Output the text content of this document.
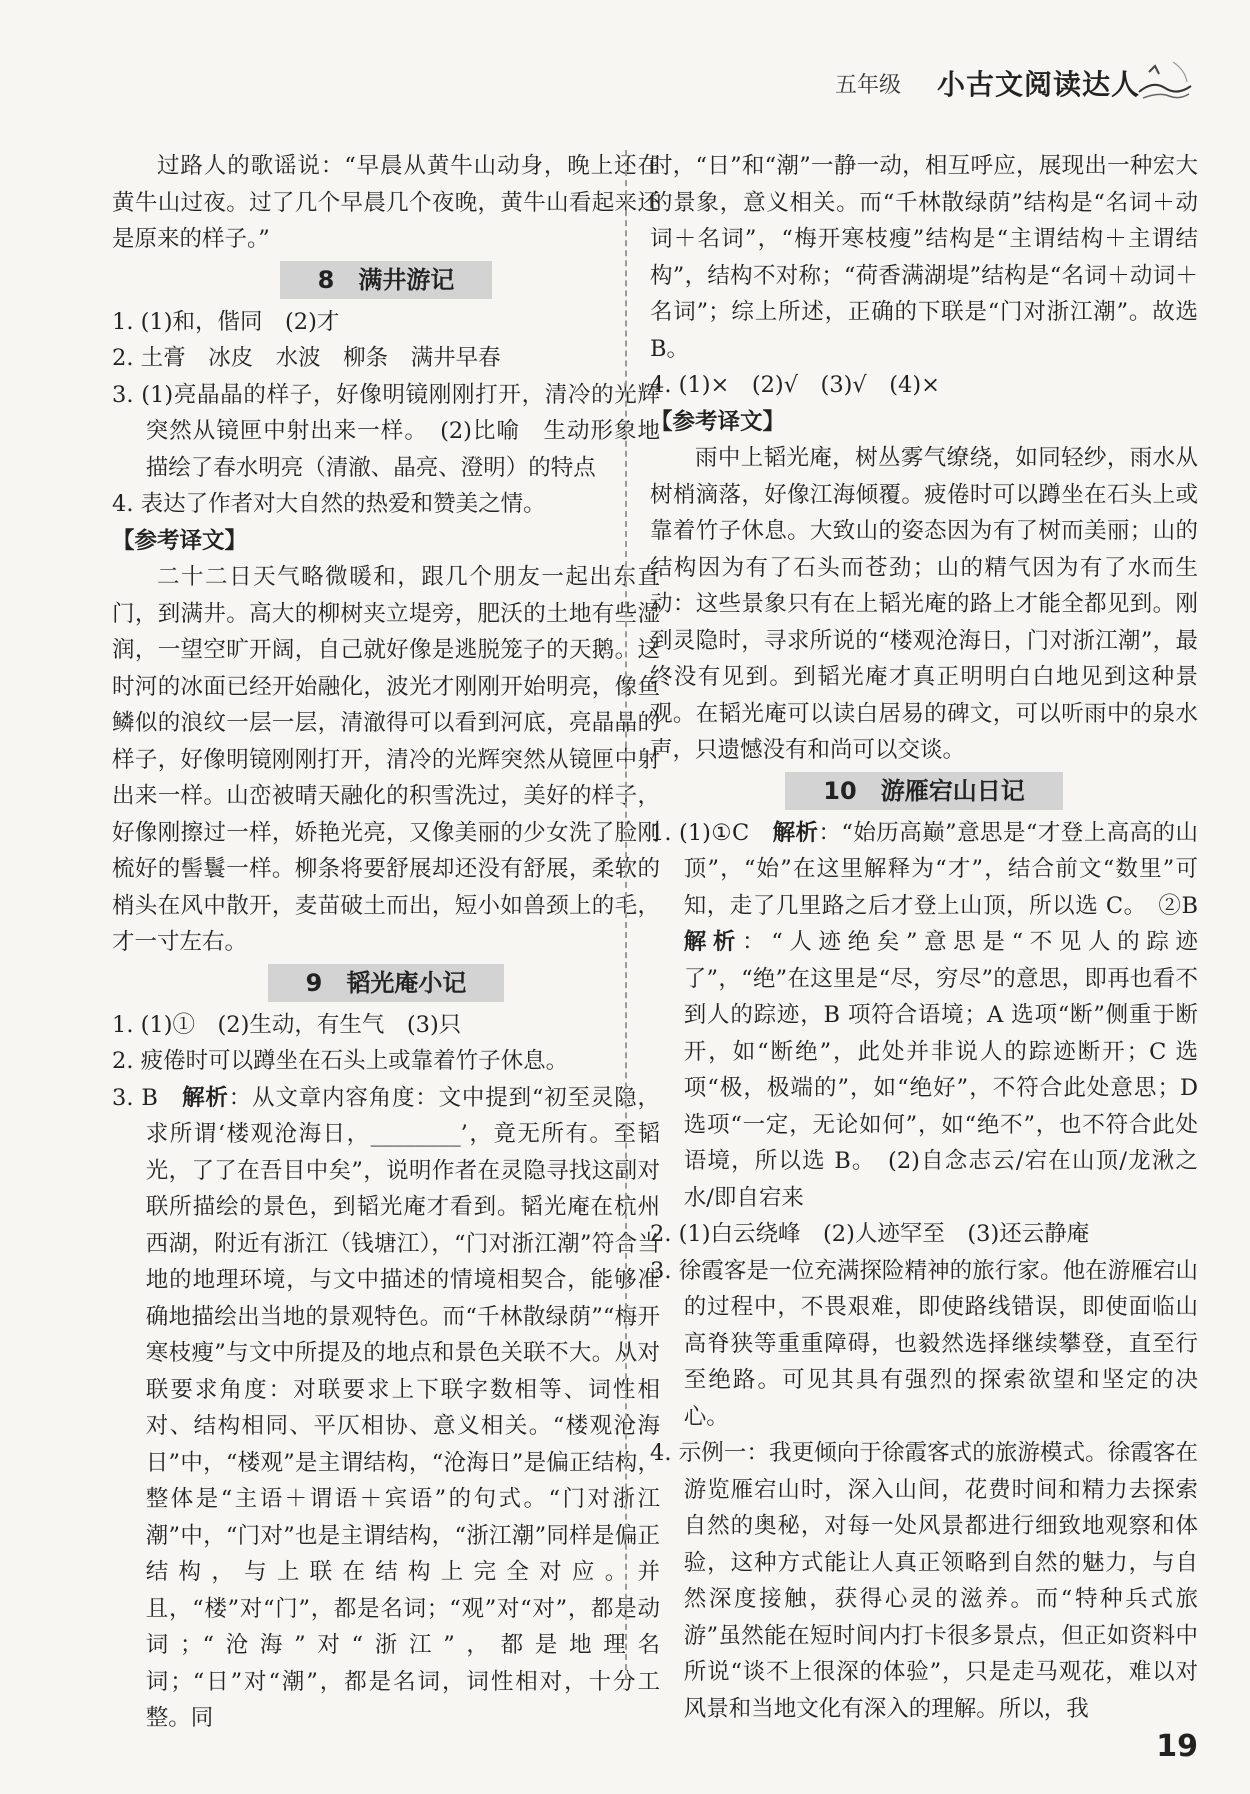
五年级 小古文阅读达人

过路人的歌谣说：“早晨从黄牛山动身，晚上还在黄牛山过夜。过了几个早晨几个夜晚，黄牛山看起来还是原来的样子。”

8　满井游记

1. (1)和，偕同　(2)才

2. 土膏　冰皮　水波　柳条　满井早春

3. (1)亮晶晶的样子，好像明镜刚刚打开，清冷的光辉突然从镜匣中射出来一样。　(2)比喻　生动形象地描绘了春水明亮（清澈、晶亮、澄明）的特点

4. 表达了作者对大自然的热爱和赞美之情。

【参考译文】

二十二日天气略微暖和，跟几个朋友一起出东直门，到满井。高大的柳树夹立堤旁，肥沃的土地有些湿润，一望空旷开阔，自己就好像是逃脱笼子的天鹅。这时河的冰面已经开始融化，波光才刚刚开始明亮，像鱼鳞似的浪纹一层一层，清澈得可以看到河底，亮晶晶的样子，好像明镜刚刚打开，清冷的光辉突然从镜匣中射出来一样。山峦被晴天融化的积雪洗过，美好的样子，好像刚擦过一样，娇艳光亮，又像美丽的少女洗了脸刚梳好的髻鬟一样。柳条将要舒展却还没有舒展，柔软的梢头在风中散开，麦苗破土而出，短小如兽颈上的毛，才一寸左右。

9　韬光庵小记

1. (1)①　(2)生动，有生气　(3)只

2. 疲倦时可以蹲坐在石头上或靠着竹子休息。

3. B　解析：从文章内容角度：文中提到“初至灵隐，求所谓‘楼观沧海日，________’，竟无所有。至韬光，了了在吾目中矣”，说明作者在灵隐寻找这副对联所描绘的景色，到韬光庵才看到。韬光庵在杭州西湖，附近有浙江（钱塘江），“门对浙江潮”符合当地的地理环境，与文中描述的情境相契合，能够准确地描绘出当地的景观特色。而“千林散绿荫”“梅开寒枝瘦”与文中所提及的地点和景色关联不大。从对联要求角度：对联要求上下联字数相等、词性相对、结构相同、平仄相协、意义相关。“楼观沧海日”中，“楼观”是主谓结构，“沧海日”是偏正结构，整体是“主语＋谓语＋宾语”的句式。“门对浙江潮”中，“门对”也是主谓结构，“浙江潮”同样是偏正结构，与上联在结构上完全对应。并且，“楼”对“门”，都是名词；“观”对“对”，都是动词；“沧海”对“浙江”，都是地理名词；“日”对“潮”，都是名词，词性相对，十分工整。同

时，“日”和“潮”一静一动，相互呼应，展现出一种宏大的景象，意义相关。而“千林散绿荫”结构是“名词＋动词＋名词”，“梅开寒枝瘦”结构是“主谓结构＋主谓结构”，结构不对称；“荷香满湖堤”结构是“名词＋动词＋名词”；综上所述，正确的下联是“门对浙江潮”。故选 B。

4. (1)×　(2)√　(3)√　(4)×

【参考译文】

雨中上韬光庵，树丛雾气缭绕，如同轻纱，雨水从树梢滴落，好像江海倾覆。疲倦时可以蹲坐在石头上或靠着竹子休息。大致山的姿态因为有了树而美丽；山的结构因为有了石头而苍劲；山的精气因为有了水而生动：这些景象只有在上韬光庵的路上才能全都见到。刚到灵隐时，寻求所说的“楼观沧海日，门对浙江潮”，最终没有见到。到韬光庵才真正明明白白地见到这种景观。在韬光庵可以读白居易的碑文，可以听雨中的泉水声，只遗憾没有和尚可以交谈。

10　游雁宕山日记

1. (1)①C　解析：“始历高巅”意思是“才登上高高的山顶”，“始”在这里解释为“才”，结合前文“数里”可知，走了几里路之后才登上山顶，所以选 C。　②B　解析：“人迹绝矣”意思是“不见人的踪迹了”，“绝”在这里是“尽，穷尽”的意思，即再也看不到人的踪迹，B 项符合语境；A 选项“断”侧重于断开，如“断绝”，此处并非说人的踪迹断开；C 选项“极，极端的”，如“绝好”，不符合此处意思；D 选项“一定，无论如何”，如“绝不”，也不符合此处语境，所以选 B。　(2)自念志云/宕在山顶/龙湫之水/即自宕来

2. (1)白云绕峰　(2)人迹罕至　(3)还云静庵

3. 徐霞客是一位充满探险精神的旅行家。他在游雁宕山的过程中，不畏艰难，即使路线错误，即使面临山高脊狭等重重障碍，也毅然选择继续攀登，直至行至绝路。可见其具有强烈的探索欲望和坚定的决心。

4. 示例一：我更倾向于徐霞客式的旅游模式。徐霞客在游览雁宕山时，深入山间，花费时间和精力去探索自然的奥秘，对每一处风景都进行细致地观察和体验，这种方式能让人真正领略到自然的魅力，与自然深度接触，获得心灵的滋养。而“特种兵式旅游”虽然能在短时间内打卡很多景点，但正如资料中所说“谈不上很深的体验”，只是走马观花，难以对风景和当地文化有深入的理解。所以，我

19
